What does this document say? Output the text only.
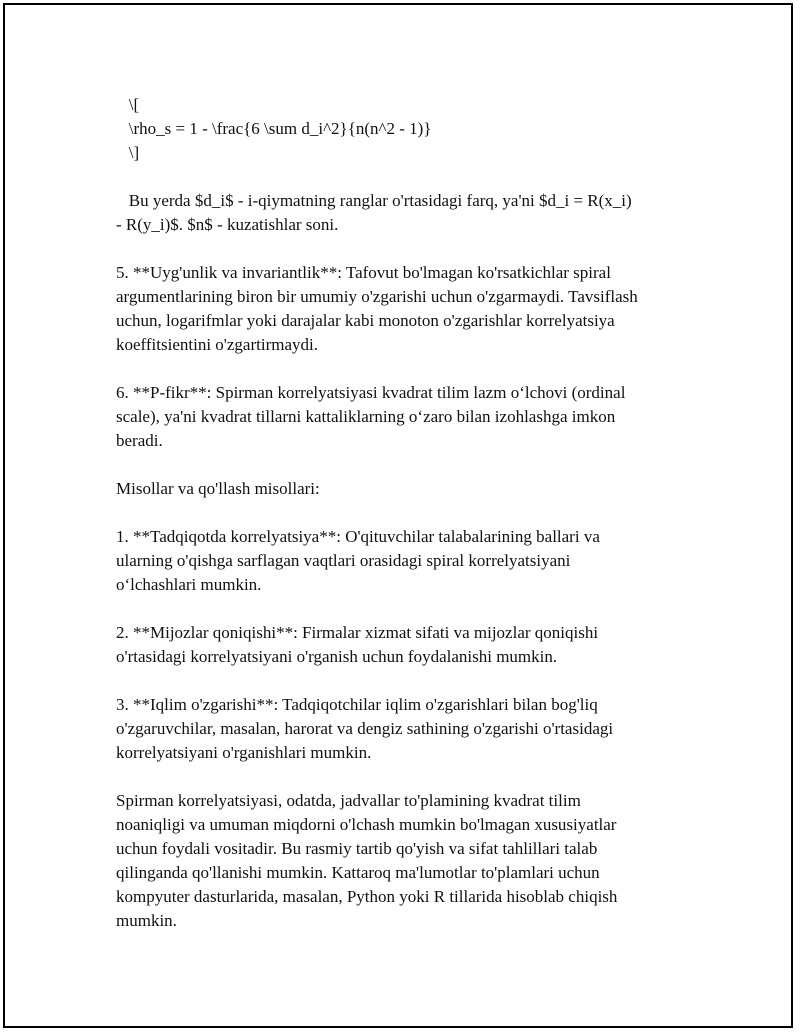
\[
\rho_s = 1 - \frac{6 \sum d_i^2}{n(n^2 - 1)}
\]
Bu yerda $d_i$ - i-qiymatning ranglar o'rtasidagi farq, ya'ni $d_i = R(x_i)
- R(y_i)$. $n$ - kuzatishlar soni.
5. **Uyg'unlik va invariantlik**: Tafovut bo'lmagan ko'rsatkichlar spiral
argumentlarining biron bir umumiy o'zgarishi uchun o'zgarmaydi. Tavsiflash
uchun, logarifmlar yoki darajalar kabi monoton o'zgarishlar korrelyatsiya
koeffitsientini o'zgartirmaydi.
6. **P-fikr**: Spirman korrelyatsiyasi kvadrat tilim lazm o‘lchovi (ordinal
scale), ya'ni kvadrat tillarni kattaliklarning o‘zaro bilan izohlashga imkon
beradi.
Misollar va qo'llash misollari:
1. **Tadqiqotda korrelyatsiya**: O'qituvchilar talabalarining ballari va
ularning o'qishga sarflagan vaqtlari orasidagi spiral korrelyatsiyani
o‘lchashlari mumkin.
2. **Mijozlar qoniqishi**: Firmalar xizmat sifati va mijozlar qoniqishi
o'rtasidagi korrelyatsiyani o'rganish uchun foydalanishi mumkin.
3. **Iqlim o'zgarishi**: Tadqiqotchilar iqlim o'zgarishlari bilan bog'liq
o'zgaruvchilar, masalan, harorat va dengiz sathining o'zgarishi o'rtasidagi
korrelyatsiyani o'rganishlari mumkin.
Spirman korrelyatsiyasi, odatda, jadvallar to'plamining kvadrat tilim
noaniqligi va umuman miqdorni o'lchash mumkin bo'lmagan xususiyatlar
uchun foydali vositadir. Bu rasmiy tartib qo'yish va sifat tahlillari talab
qilinganda qo'llanishi mumkin. Kattaroq ma'lumotlar to'plamlari uchun
kompyuter dasturlarida, masalan, Python yoki R tillarida hisoblab chiqish
mumkin.
